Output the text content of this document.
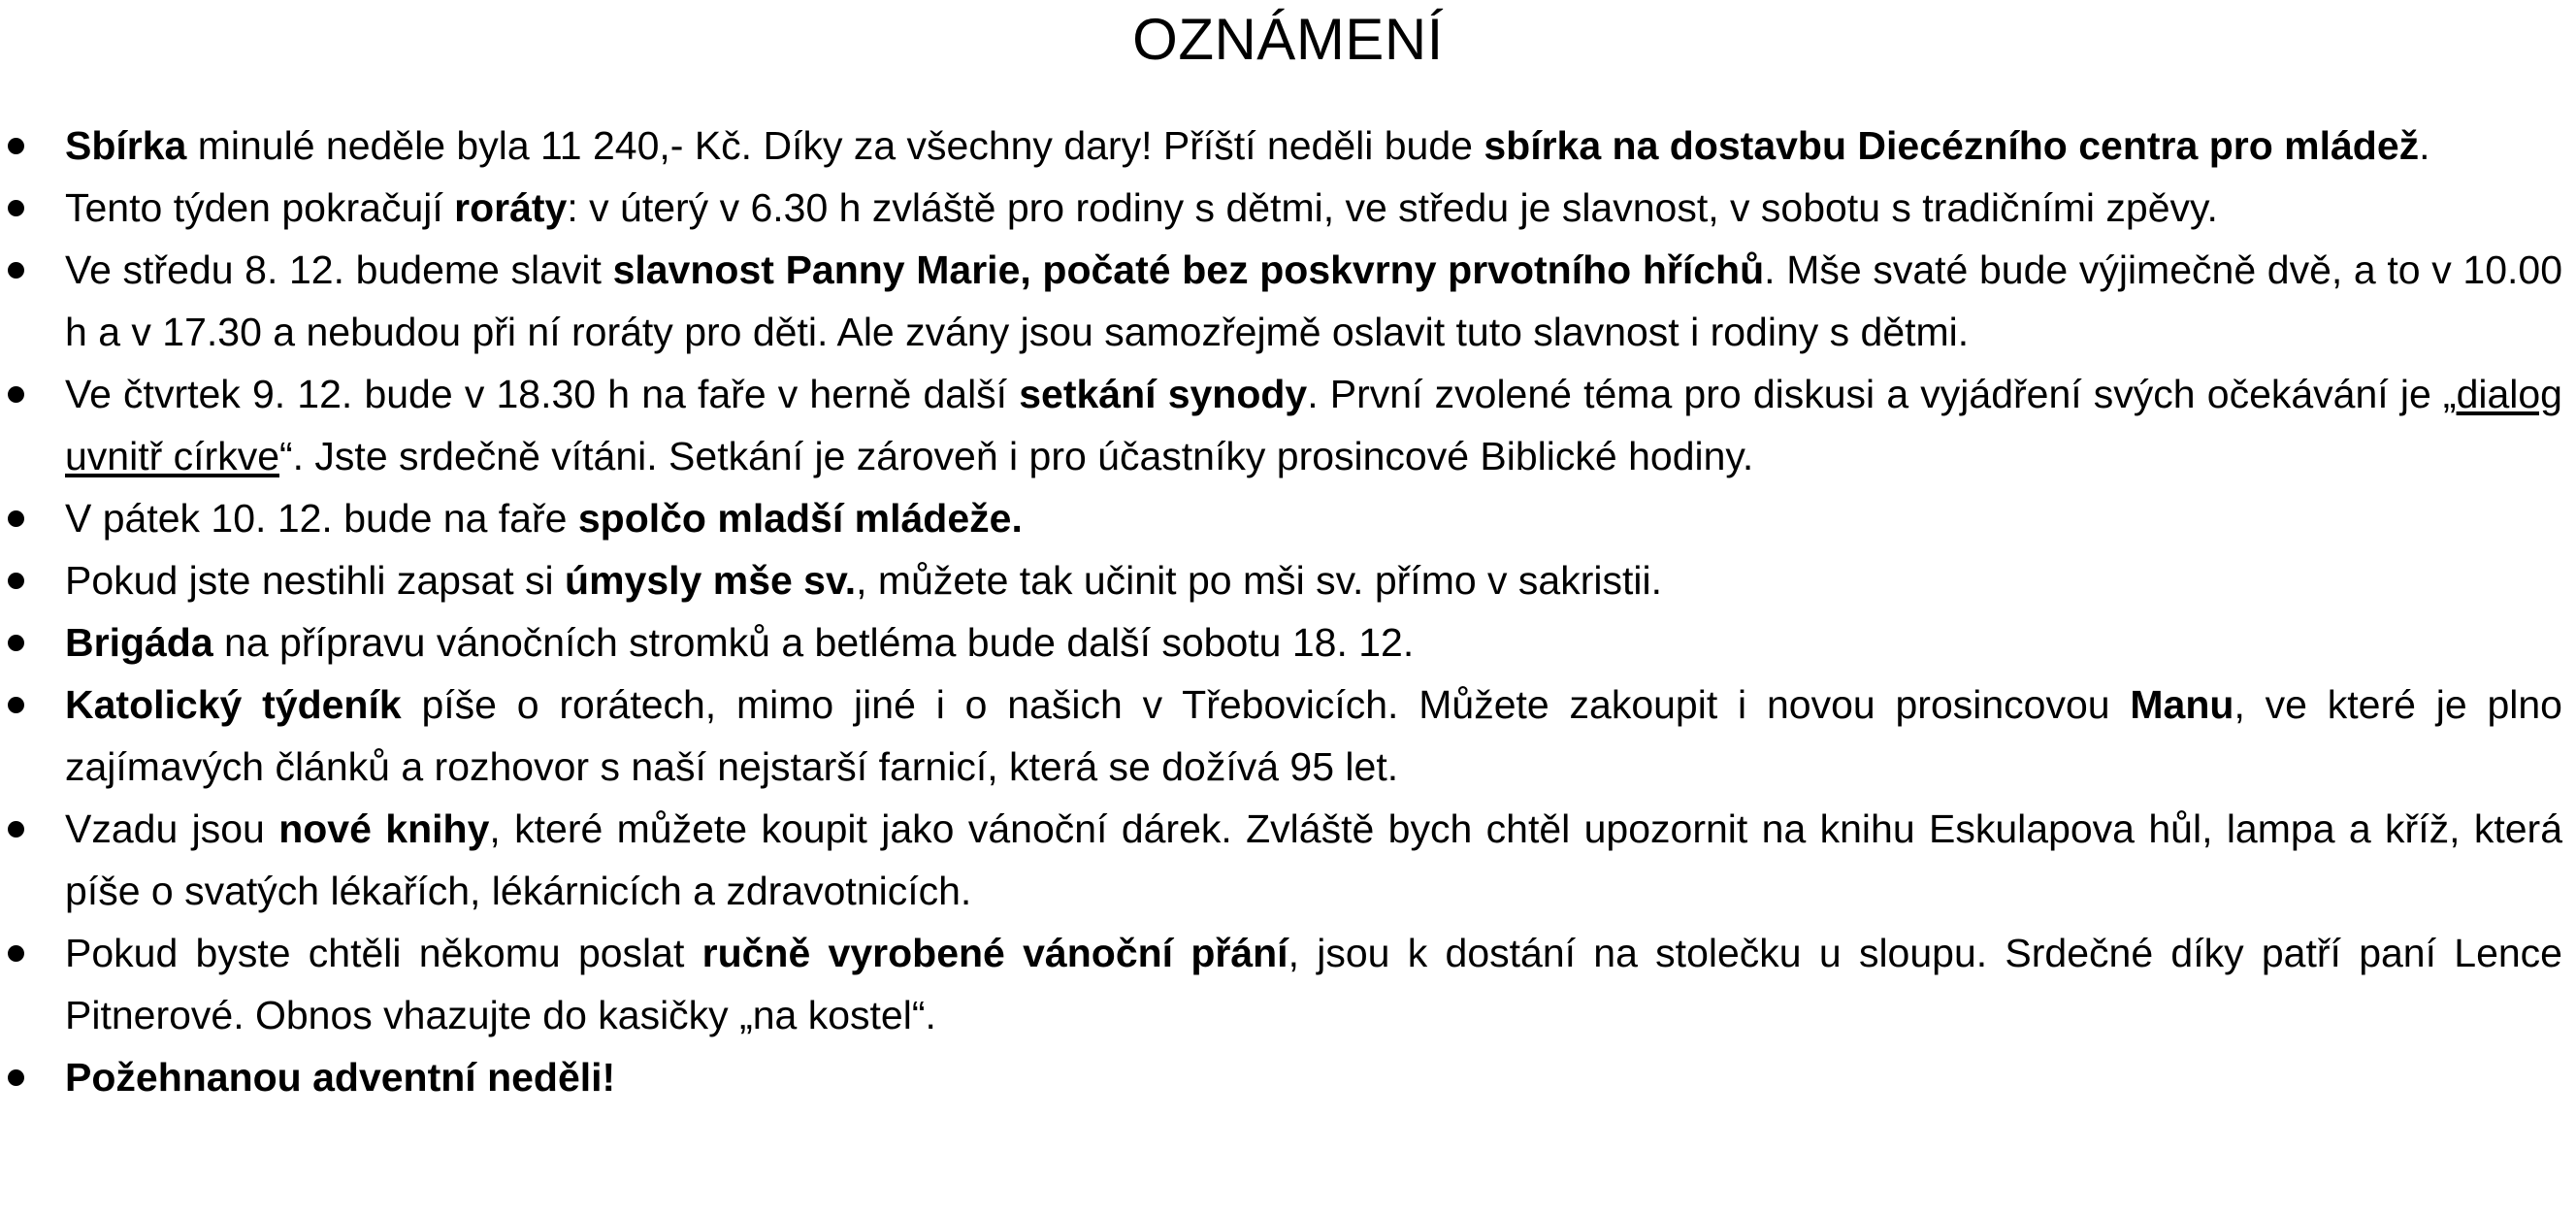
OZNÁMENÍ
Sbírka minulé neděle byla 11 240,- Kč. Díky za všechny dary! Příští neděli bude sbírka na dostavbu Diecézního centra pro mládež.
Tento týden pokračují roráty: v úterý v 6.30 h zvláště pro rodiny s dětmi, ve středu je slavnost, v sobotu s tradičními zpěvy.
Ve středu 8. 12. budeme slavit slavnost Panny Marie, počaté bez poskvrny prvotního hříchů. Mše svaté bude výjimečně dvě, a to v 10.00 h a v 17.30 a nebudou při ní roráty pro děti. Ale zvány jsou samozřejmě oslavit tuto slavnost i rodiny s dětmi.
Ve čtvrtek 9. 12. bude v 18.30 h na faře v herně další setkání synody. První zvolené téma pro diskusi a vyjádření svých očekávání je „dialog uvnitř církve“. Jste srdečně vítáni. Setkání je zároveň i pro účastníky prosincové Biblické hodiny.
V pátek 10. 12. bude na faře spolčo mladší mládeže.
Pokud jste nestihli zapsat si úmysly mše sv., můžete tak učinit po mši sv. přímo v sakristii.
Brigáda na přípravu vánočních stromků a betléma bude další sobotu 18. 12.
Katolický týdeník píše o rorátech, mimo jiné i o našich v Třebovicích. Můžete zakoupit i novou prosincovou Manu, ve které je plno zajímavých článků a rozhovor s naší nejstarší farnicí, která se dožívá 95 let.
Vzadu jsou nové knihy, které můžete koupit jako vánoční dárek. Zvláště bych chtěl upozornit na knihu Eskulapova hůl, lampa a kříž, která píše o svatých lékařích, lékárnicích a zdravotnicích.
Pokud byste chtěli někomu poslat ručně vyrobené vánoční přání, jsou k dostání na stolečku u sloupu. Srdečné díky patří paní Lence Pitnerové. Obnos vhazujte do kasičky „na kostel“.
Požehnanou adventní neděli!
